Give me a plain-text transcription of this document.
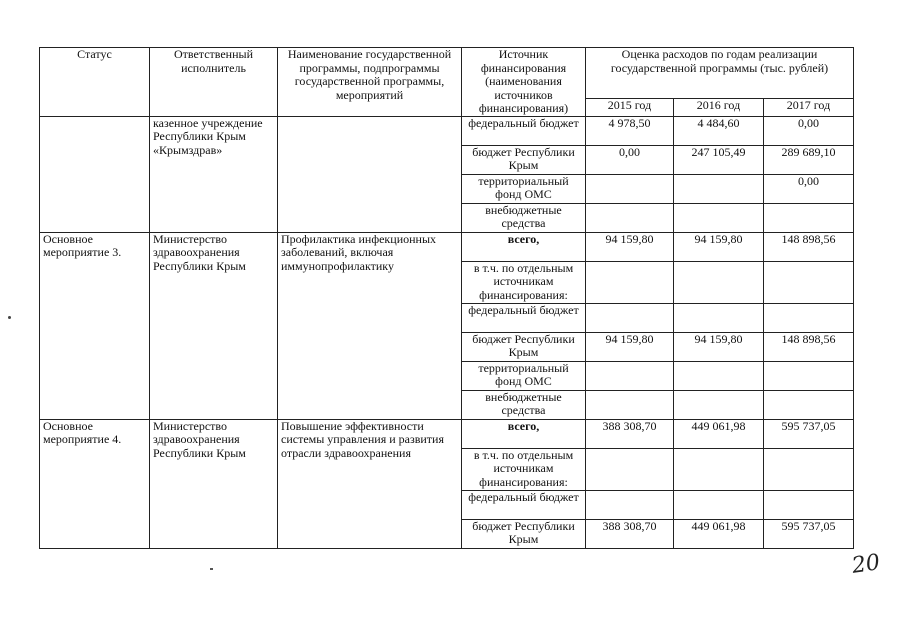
Статус	Ответственный исполнитель	Наименование государственной программы, подпрограммы государственной программы, мероприятий	Источник финансирования (наименования источников финансирования)	Оценка расходов по годам реализации государственной программы (тыс. рублей)		
				2015 год	2016 год	2017 год
	казенное учреждение Республики Крым «Крымздрав»		федеральный бюджет	4 978,50	4 484,60	0,00
			бюджет Республики Крым	0,00	247 105,49	289 689,10
			территориальный фонд ОМС			0,00
			внебюджетные средства			
Основное мероприятие 3.	Министерство здравоохранения Республики Крым	Профилактика инфекционных заболеваний, включая иммунопрофилактику	всего,	94 159,80	94 159,80	148 898,56
			в т.ч. по отдельным источникам финансирования:			
			федеральный бюджет			
			бюджет Республики Крым	94 159,80	94 159,80	148 898,56
			территориальный фонд ОМС			
			внебюджетные средства			
Основное мероприятие 4.	Министерство здравоохранения Республики Крым	Повышение эффективности системы управления и развития отрасли здравоохранения	всего,	388 308,70	449 061,98	595 737,05
			в т.ч. по отдельным источникам финансирования:			
			федеральный бюджет			
			бюджет Республики Крым	388 308,70	449 061,98	595 737,05
20
